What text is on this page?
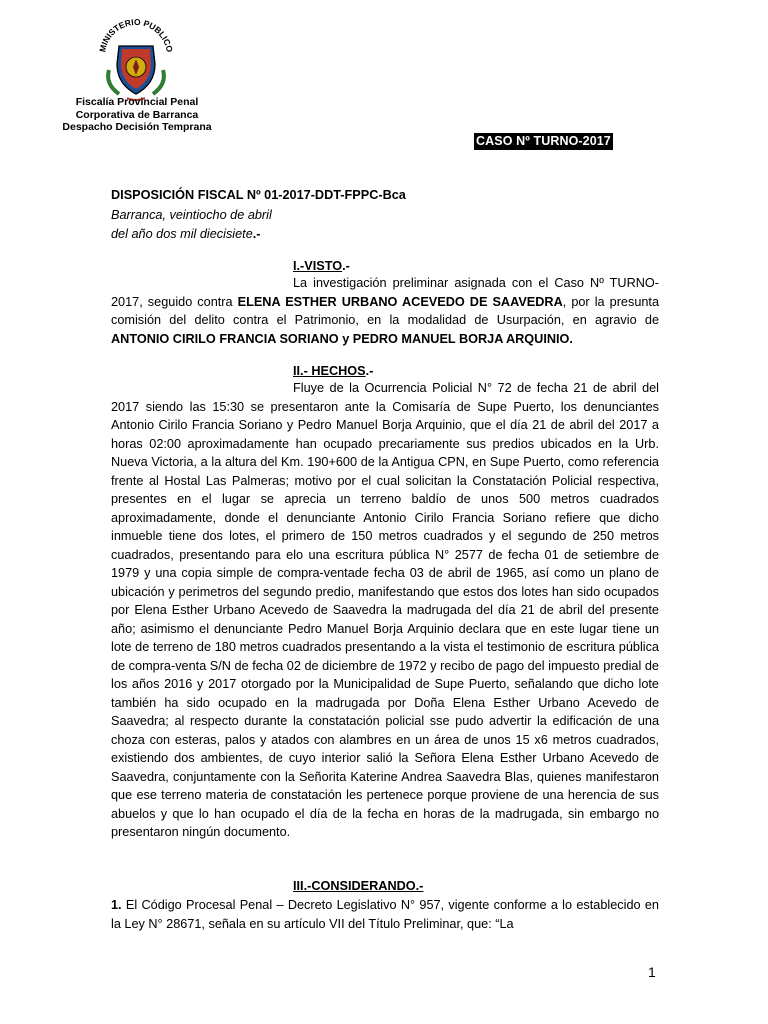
MINISTERIO PUBLICO
Fiscalía Provincial Penal
Corporativa de Barranca
Despacho Decisión Temprana
CASO Nº TURNO-2017
DISPOSICIÓN FISCAL Nº 01-2017-DDT-FPPC-Bca
Barranca, veintiocho de abril
del año dos mil diecisiete.-
I.-VISTO.-
La investigación preliminar asignada con el Caso Nº TURNO-2017, seguido contra ELENA ESTHER URBANO ACEVEDO DE SAAVEDRA, por la presunta comisión del delito contra el Patrimonio, en la modalidad de Usurpación, en agravio de ANTONIO CIRILO FRANCIA SORIANO y PEDRO MANUEL BORJA ARQUINIO.
II.- HECHOS.-
Fluye de la Ocurrencia Policial N° 72 de fecha 21 de abril del 2017 siendo las 15:30 se presentaron ante la Comisaría de Supe Puerto, los denunciantes Antonio Cirilo Francia Soriano y Pedro Manuel Borja Arquinio, que el día 21 de abril del 2017 a horas 02:00 aproximadamente han ocupado precariamente sus predios ubicados en la Urb. Nueva Victoria, a la altura del Km. 190+600 de la Antigua CPN, en Supe Puerto, como referencia frente al Hostal Las Palmeras; motivo por el cual solicitan la Constatación Policial respectiva, presentes en el lugar se aprecia un terreno baldío de unos 500 metros cuadrados aproximadamente, donde el denunciante Antonio Cirilo Francia Soriano refiere que dicho inmueble tiene dos lotes, el primero de 150 metros cuadrados y el segundo de 250 metros cuadrados, presentando para elo una escritura pública N° 2577 de fecha 01 de setiembre de 1979 y una copia simple de compra-ventade fecha 03 de abril de 1965, así como un plano de ubicación y perimetros del segundo predio, manifestando que estos dos lotes han sido ocupados por Elena Esther Urbano Acevedo de Saavedra la madrugada del día 21 de abril del presente año; asimismo el denunciante Pedro Manuel Borja Arquinio declara que en este lugar tiene un lote de terreno de 180 metros cuadrados presentando a la vista el testimonio de escritura pública de compra-venta S/N de fecha 02 de diciembre de 1972 y recibo de pago del impuesto predial de los años 2016 y 2017 otorgado por la Municipalidad de Supe Puerto, señalando que dicho lote también ha sido ocupado en la madrugada por Doña Elena Esther Urbano Acevedo de Saavedra; al respecto durante la constatación policial sse pudo advertir la edificación de una choza con esteras, palos y atados con alambres en un área de unos 15 x6 metros cuadrados, existiendo dos ambientes, de cuyo interior salió la Señora Elena Esther Urbano Acevedo de Saavedra, conjuntamente con la Señorita Katerine Andrea Saavedra Blas, quienes manifestaron que ese terreno materia de constatación les pertenece porque proviene de una herencia de sus abuelos y que lo han ocupado el día de la fecha en horas de la madrugada, sin embargo no presentaron ningún documento.
III.-CONSIDERANDO.-
1. El Código Procesal Penal – Decreto Legislativo N° 957, vigente conforme a lo establecido en la Ley N° 28671, señala en su artículo VII del Título Preliminar, que: “La
1
